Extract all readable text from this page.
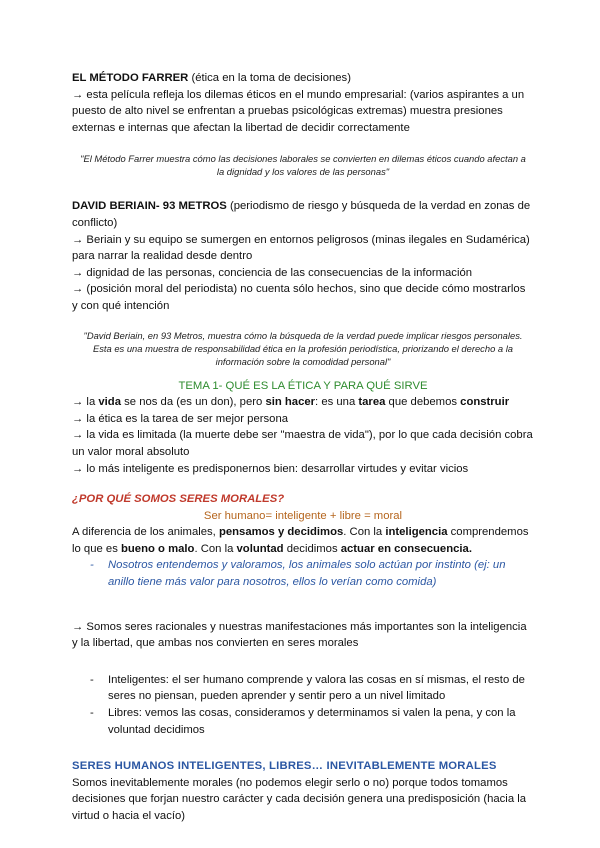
EL MÉTODO FARRER (ética en la toma de decisiones)

→ esta película refleja los dilemas éticos en el mundo empresarial: (varios aspirantes a un puesto de alto nivel se enfrentan a pruebas psicológicas extremas) muestra presiones externas e internas que afectan la libertad de decidir correctamente

"El Método Farrer muestra cómo las decisiones laborales se convierten en dilemas éticos cuando afectan a la dignidad y los valores de las personas"

DAVID BERIAIN- 93 METROS (periodismo de riesgo y búsqueda de la verdad en zonas de conflicto)

→ Beriain y su equipo se sumergen en entornos peligrosos (minas ilegales en Sudamérica) para narrar la realidad desde dentro

→ dignidad de las personas, conciencia de las consecuencias de la información

→ (posición moral del periodista) no cuenta sólo hechos, sino que decide cómo mostrarlos y con qué intención

"David Beriain, en 93 Metros, muestra cómo la búsqueda de la verdad puede implicar riesgos personales. Esta es una muestra de responsabilidad ética en la profesión periodística, priorizando el derecho a la información sobre la comodidad personal"

TEMA 1- QUÉ ES LA ÉTICA Y PARA QUÉ SIRVE

→ la vida se nos da (es un don), pero sin hacer: es una tarea que debemos construir

→ la ética es la tarea de ser mejor persona

→ la vida es limitada (la muerte debe ser "maestra de vida"), por lo que cada decisión cobra un valor moral absoluto

→ lo más inteligente es predisponernos bien: desarrollar virtudes y evitar vicios

¿POR QUÉ SOMOS SERES MORALES?

Ser humano= inteligente + libre = moral

A diferencia de los animales, pensamos y decidimos. Con la inteligencia comprendemos lo que es bueno o malo. Con la voluntad decidimos actuar en consecuencia.

- Nosotros entendemos y valoramos, los animales solo actúan por instinto (ej: un anillo tiene más valor para nosotros, ellos lo verían como comida)

→ Somos seres racionales y nuestras manifestaciones más importantes son la inteligencia y la libertad, que ambas nos convierten en seres morales

- Inteligentes: el ser humano comprende y valora las cosas en sí mismas, el resto de seres no piensan, pueden aprender y sentir pero a un nivel limitado
- Libres: vemos las cosas, consideramos y determinamos si valen la pena, y con la voluntad decidimos

SERES HUMANOS INTELIGENTES, LIBRES… INEVITABLEMENTE MORALES

Somos inevitablemente morales (no podemos elegir serlo o no) porque todos tomamos decisiones que forjan nuestro carácter y cada decisión genera una predisposición (hacia la virtud o hacia el vacío)
